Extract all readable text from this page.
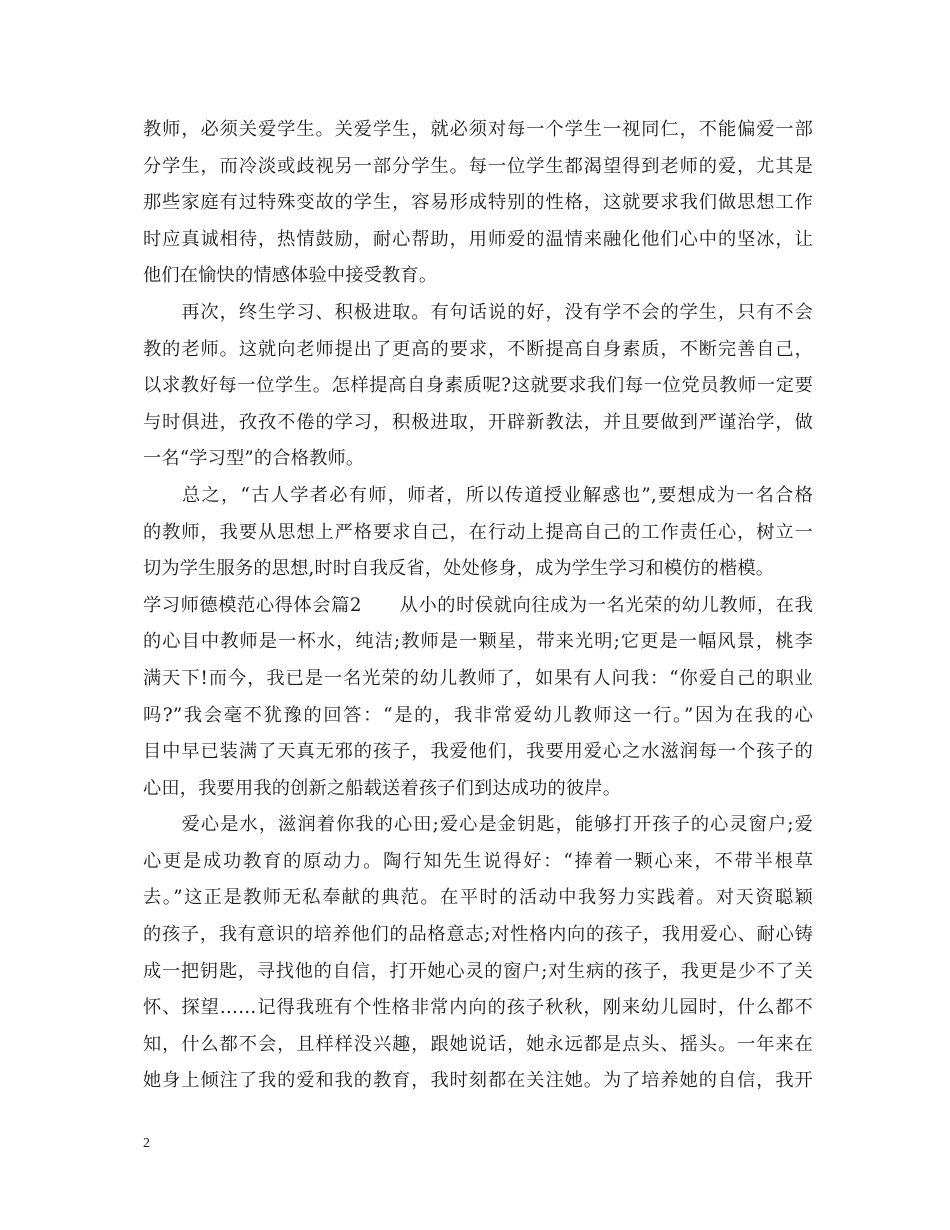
教师，必须关爱学生。关爱学生，就必须对每一个学生一视同仁，不能偏爱一部
分学生，而冷淡或歧视另一部分学生。每一位学生都渴望得到老师的爱，尤其是
那些家庭有过特殊变故的学生，容易形成特别的性格，这就要求我们做思想工作
时应真诚相待，热情鼓励，耐心帮助，用师爱的温情来融化他们心中的坚冰，让
他们在愉快的情感体验中接受教育。
　　再次，终生学习、积极进取。有句话说的好，没有学不会的学生，只有不会
教的老师。这就向老师提出了更高的要求，不断提高自身素质，不断完善自己，
以求教好每一位学生。怎样提高自身素质呢?这就要求我们每一位党员教师一定要
与时俱进，孜孜不倦的学习，积极进取，开辟新教法，并且要做到严谨治学，做
一名“学习型”的合格教师。
　　总之，“古人学者必有师，师者，所以传道授业解惑也”,要想成为一名合格
的教师，我要从思想上严格要求自己，在行动上提高自己的工作责任心，树立一
切为学生服务的思想,时时自我反省，处处修身，成为学生学习和模仿的楷模。
学习师德模范心得体会篇2　　从小的时侯就向往成为一名光荣的幼儿教师，在我
的心目中教师是一杯水，纯洁;教师是一颗星，带来光明;它更是一幅风景，桃李
满天下!而今，我已是一名光荣的幼儿教师了，如果有人问我：“你爱自己的职业
吗?”我会毫不犹豫的回答：“是的，我非常爱幼儿教师这一行。”因为在我的心
目中早已装满了天真无邪的孩子，我爱他们，我要用爱心之水滋润每一个孩子的
心田，我要用我的创新之船载送着孩子们到达成功的彼岸。
　　爱心是水，滋润着你我的心田;爱心是金钥匙，能够打开孩子的心灵窗户;爱
心更是成功教育的原动力。陶行知先生说得好：“捧着一颗心来，不带半根草
去。”这正是教师无私奉献的典范。在平时的活动中我努力实践着。对天资聪颖
的孩子，我有意识的培养他们的品格意志;对性格内向的孩子，我用爱心、耐心铸
成一把钥匙，寻找他的自信，打开她心灵的窗户;对生病的孩子，我更是少不了关
怀、探望……记得我班有个性格非常内向的孩子秋秋，刚来幼儿园时，什么都不
知，什么都不会，且样样没兴趣，跟她说话，她永远都是点头、摇头。一年来在
她身上倾注了我的爱和我的教育，我时刻都在关注她。为了培养她的自信，我开
2
